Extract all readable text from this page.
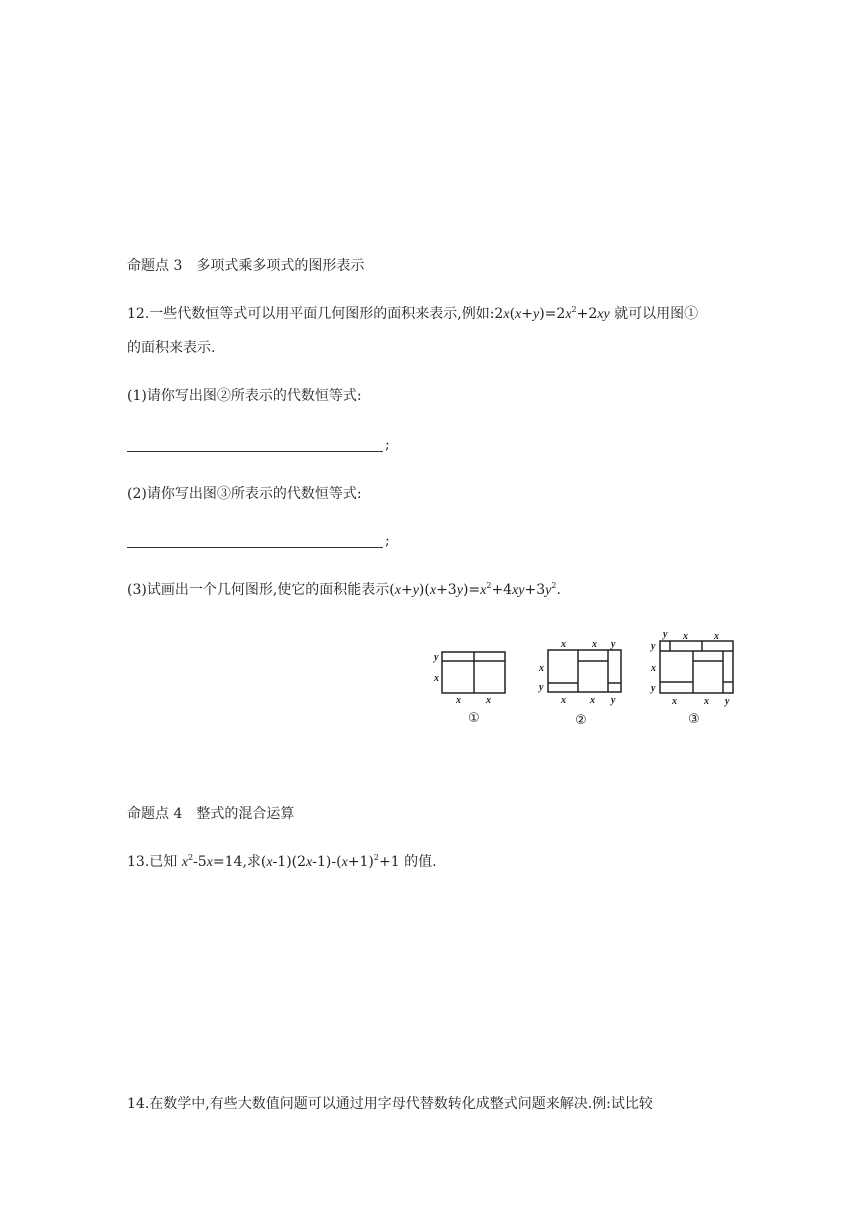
命题点 3　多项式乘多项式的图形表示
12.一些代数恒等式可以用平面几何图形的面积来表示,例如$:2x(x+y)=2x^2+2xy$ 就可以用图①
的面积来表示.
(1)请你写出图②所表示的代数恒等式:
;
(2)请你写出图③所表示的代数恒等式:
;
(3)试画出一个几何图形,使它的面积能表示$(x+y)(x+3y)=x^2+4xy+3y^2$.
y
x
x	x
①
x	x y
x
y
x x y
②
y x	x
y
x
y
x	x y
③
命题点 4　整式的混合运算
13.已知 $x^2-5x=14$,求$(x-1)(2x-1)-(x+1)^2+1$ 的值.
14.在数学中,有些大数值问题可以通过用字母代替数转化成整式问题来解决.例:试比较
